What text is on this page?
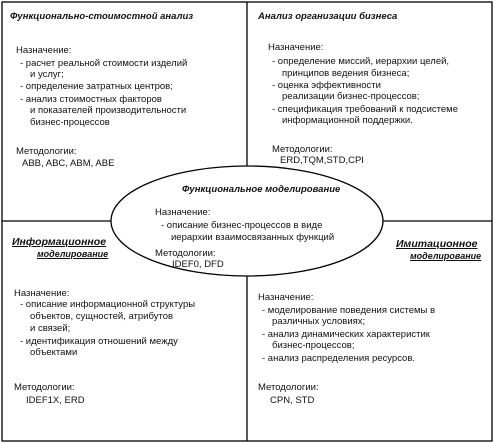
Функционально-стоимостной анализ
Назначение:
- расчет реальной стоимости изделий
и услуг;
- определение затратных центров;
- анализ стоимостных факторов
и показателей производительности
бизнес-процессов
Методологии:
ABB, ABC, ABM, ABE
Анализ организации бизнеса
Назначение:
- определение миссий, иерархии целей,
принципов ведения бизнеса;
- оценка эффективности
реализации бизнес-процессов;
- спецификация требований к подсистеме
информационной поддержки.
Методологии:
ERD,TQM,STD,CPI
Функциональное моделирование
Назначение:
- описание бизнес-процессов в виде
иерархии взаимосвязанных функций
Методологии:
IDEF0, DFD
Информационное
моделирование
Назначение:
- описание информационной структуры
объектов, сущностей, атрибутов
и связей;
- идентификация отношений между
объектами
Методологии:
IDEF1X, ERD
Имитационное
моделирование
Назначение:
- моделирование поведения системы в
различных условиях;
- анализ динамических характеристик
бизнес-процессов;
- анализ распределения ресурсов.
Методологии:
CPN, STD
